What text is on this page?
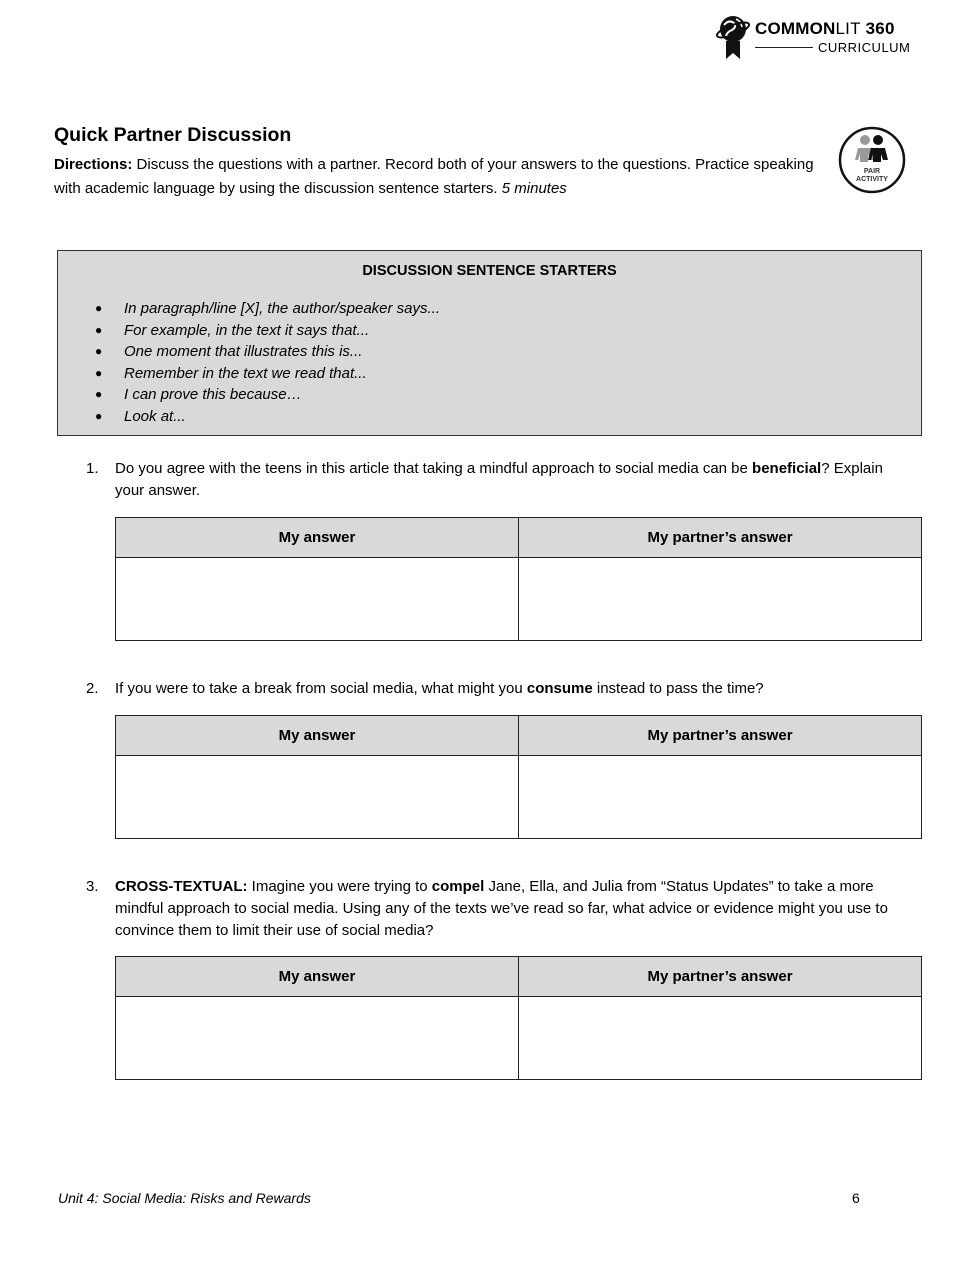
COMMONLIT 360
CURRICULUM
Quick Partner Discussion
Directions: Discuss the questions with a partner. Record both of your answers to the questions. Practice speaking with academic language by using the discussion sentence starters. 5 minutes
PAIR
ACTIVITY
DISCUSSION SENTENCE STARTERS
● In paragraph/line [X], the author/speaker says...
● For example, in the text it says that...
● One moment that illustrates this is...
● Remember in the text we read that...
● I can prove this because…
● Look at...
1. Do you agree with the teens in this article that taking a mindful approach to social media can be beneficial? Explain your answer.
My answer	My partner’s answer

2. If you were to take a break from social media, what might you consume instead to pass the time?
My answer	My partner’s answer

3. CROSS-TEXTUAL: Imagine you were trying to compel Jane, Ella, and Julia from “Status Updates” to take a more mindful approach to social media. Using any of the texts we’ve read so far, what advice or evidence might you use to convince them to limit their use of social media?
My answer	My partner’s answer

Unit 4: Social Media: Risks and Rewards	6
